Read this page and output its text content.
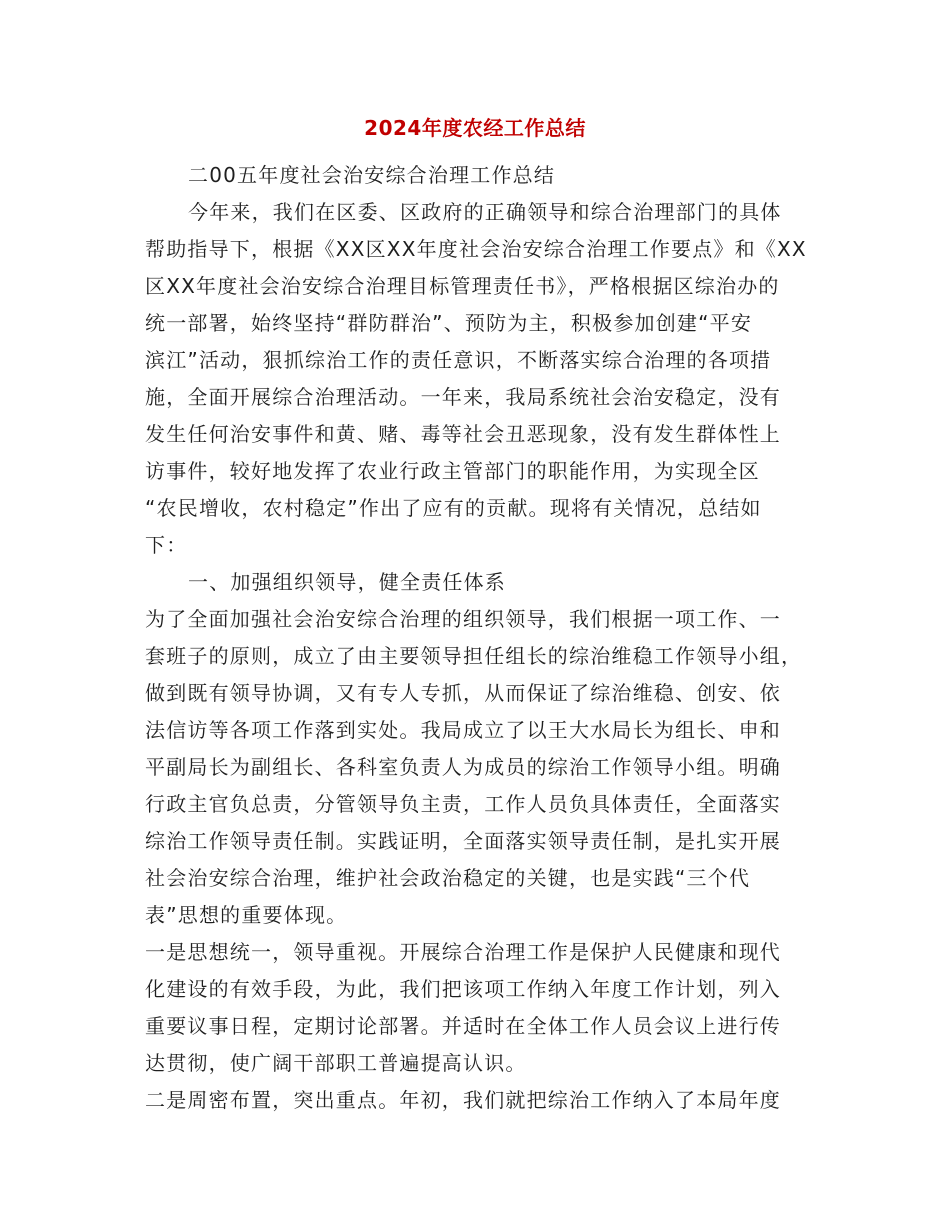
2024年度农经工作总结
二00五年度社会治安综合治理工作总结
今年来，我们在区委、区政府的正确领导和综合治理部门的具体
帮助指导下，根据《XX区XX年度社会治安综合治理工作要点》和《XX
区XX年度社会治安综合治理目标管理责任书》，严格根据区综治办的
统一部署，始终坚持“群防群治”、预防为主，积极参加创建“平安
滨江”活动，狠抓综治工作的责任意识，不断落实综合治理的各项措
施，全面开展综合治理活动。一年来，我局系统社会治安稳定，没有
发生任何治安事件和黄、赌、毒等社会丑恶现象，没有发生群体性上
访事件，较好地发挥了农业行政主管部门的职能作用，为实现全区
“农民增收，农村稳定”作出了应有的贡献。现将有关情况，总结如
下：
一、加强组织领导，健全责任体系
为了全面加强社会治安综合治理的组织领导，我们根据一项工作、一
套班子的原则，成立了由主要领导担任组长的综治维稳工作领导小组，
做到既有领导协调，又有专人专抓，从而保证了综治维稳、创安、依
法信访等各项工作落到实处。我局成立了以王大水局长为组长、申和
平副局长为副组长、各科室负责人为成员的综治工作领导小组。明确
行政主官负总责，分管领导负主责，工作人员负具体责任，全面落实
综治工作领导责任制。实践证明，全面落实领导责任制，是扎实开展
社会治安综合治理，维护社会政治稳定的关键，也是实践“三个代
表”思想的重要体现。
一是思想统一，领导重视。开展综合治理工作是保护人民健康和现代
化建设的有效手段，为此，我们把该项工作纳入年度工作计划，列入
重要议事日程，定期讨论部署。并适时在全体工作人员会议上进行传
达贯彻，使广阔干部职工普遍提高认识。
二是周密布置，突出重点。年初，我们就把综治工作纳入了本局年度
